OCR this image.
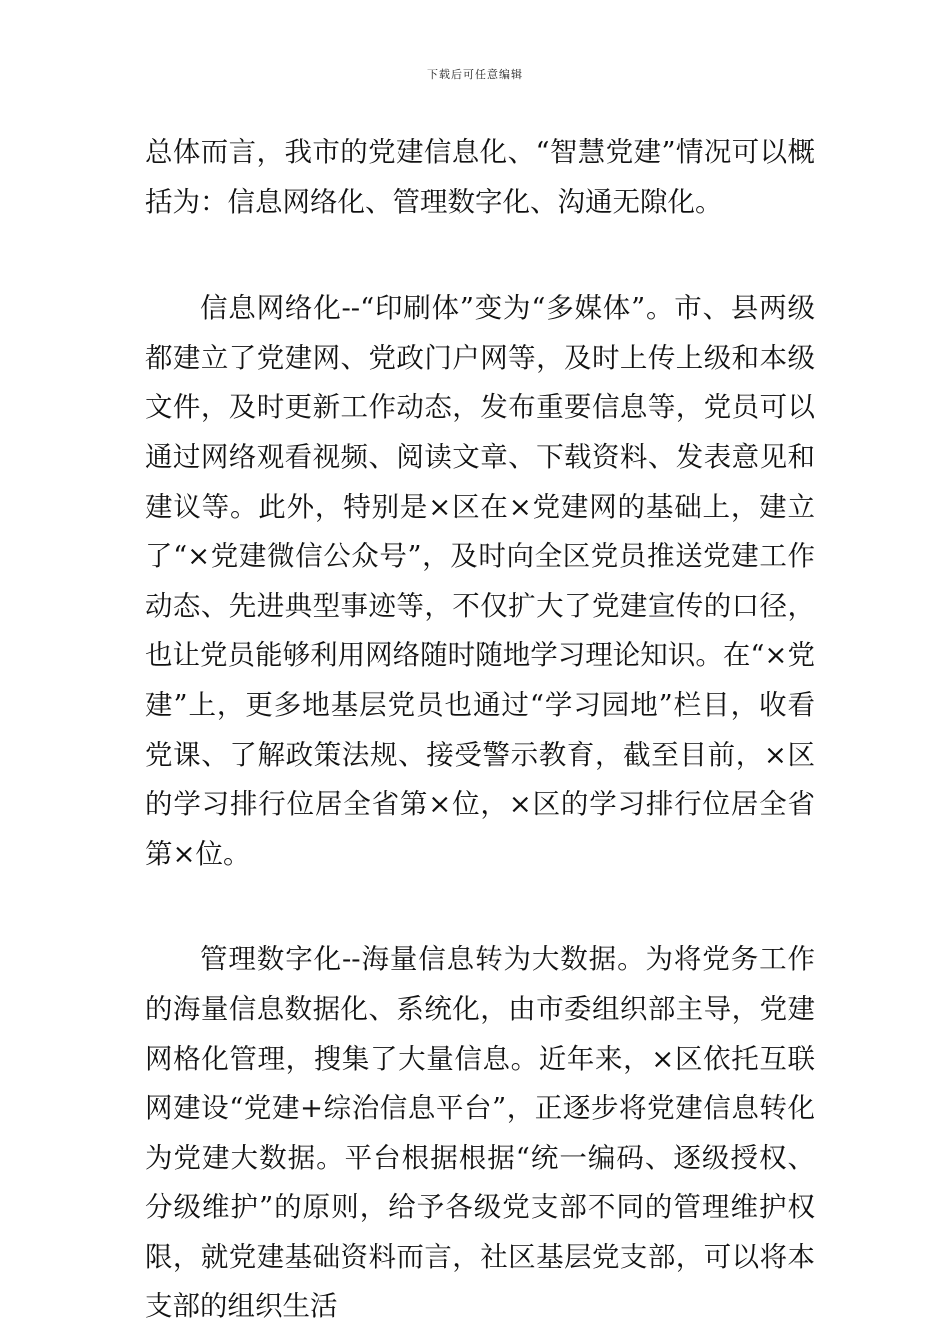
下载后可任意编辑

总体而言，我市的党建信息化、“智慧党建”情况可以概括为：信息网络化、管理数字化、沟通无隙化。

信息网络化--“印刷体”变为“多媒体”。市、县两级都建立了党建网、党政门户网等，及时上传上级和本级文件，及时更新工作动态，发布重要信息等，党员可以通过网络观看视频、阅读文章、下载资料、发表意见和建议等。此外，特别是×区在×党建网的基础上，建立了“×党建微信公众号”，及时向全区党员推送党建工作动态、先进典型事迹等，不仅扩大了党建宣传的口径，也让党员能够利用网络随时随地学习理论知识。在“×党建”上，更多地基层党员也通过“学习园地”栏目，收看党课、了解政策法规、接受警示教育，截至目前，×区的学习排行位居全省第×位，×区的学习排行位居全省第×位。

管理数字化--海量信息转为大数据。为将党务工作的海量信息数据化、系统化，由市委组织部主导，党建网格化管理，搜集了大量信息。近年来，×区依托互联网建设“党建+综治信息平台”，正逐步将党建信息转化为党建大数据。平台根据根据“统一编码、逐级授权、分级维护”的原则，给予各级党支部不同的管理维护权限，就党建基础资料而言，社区基层党支部，可以将本支部的组织生活
